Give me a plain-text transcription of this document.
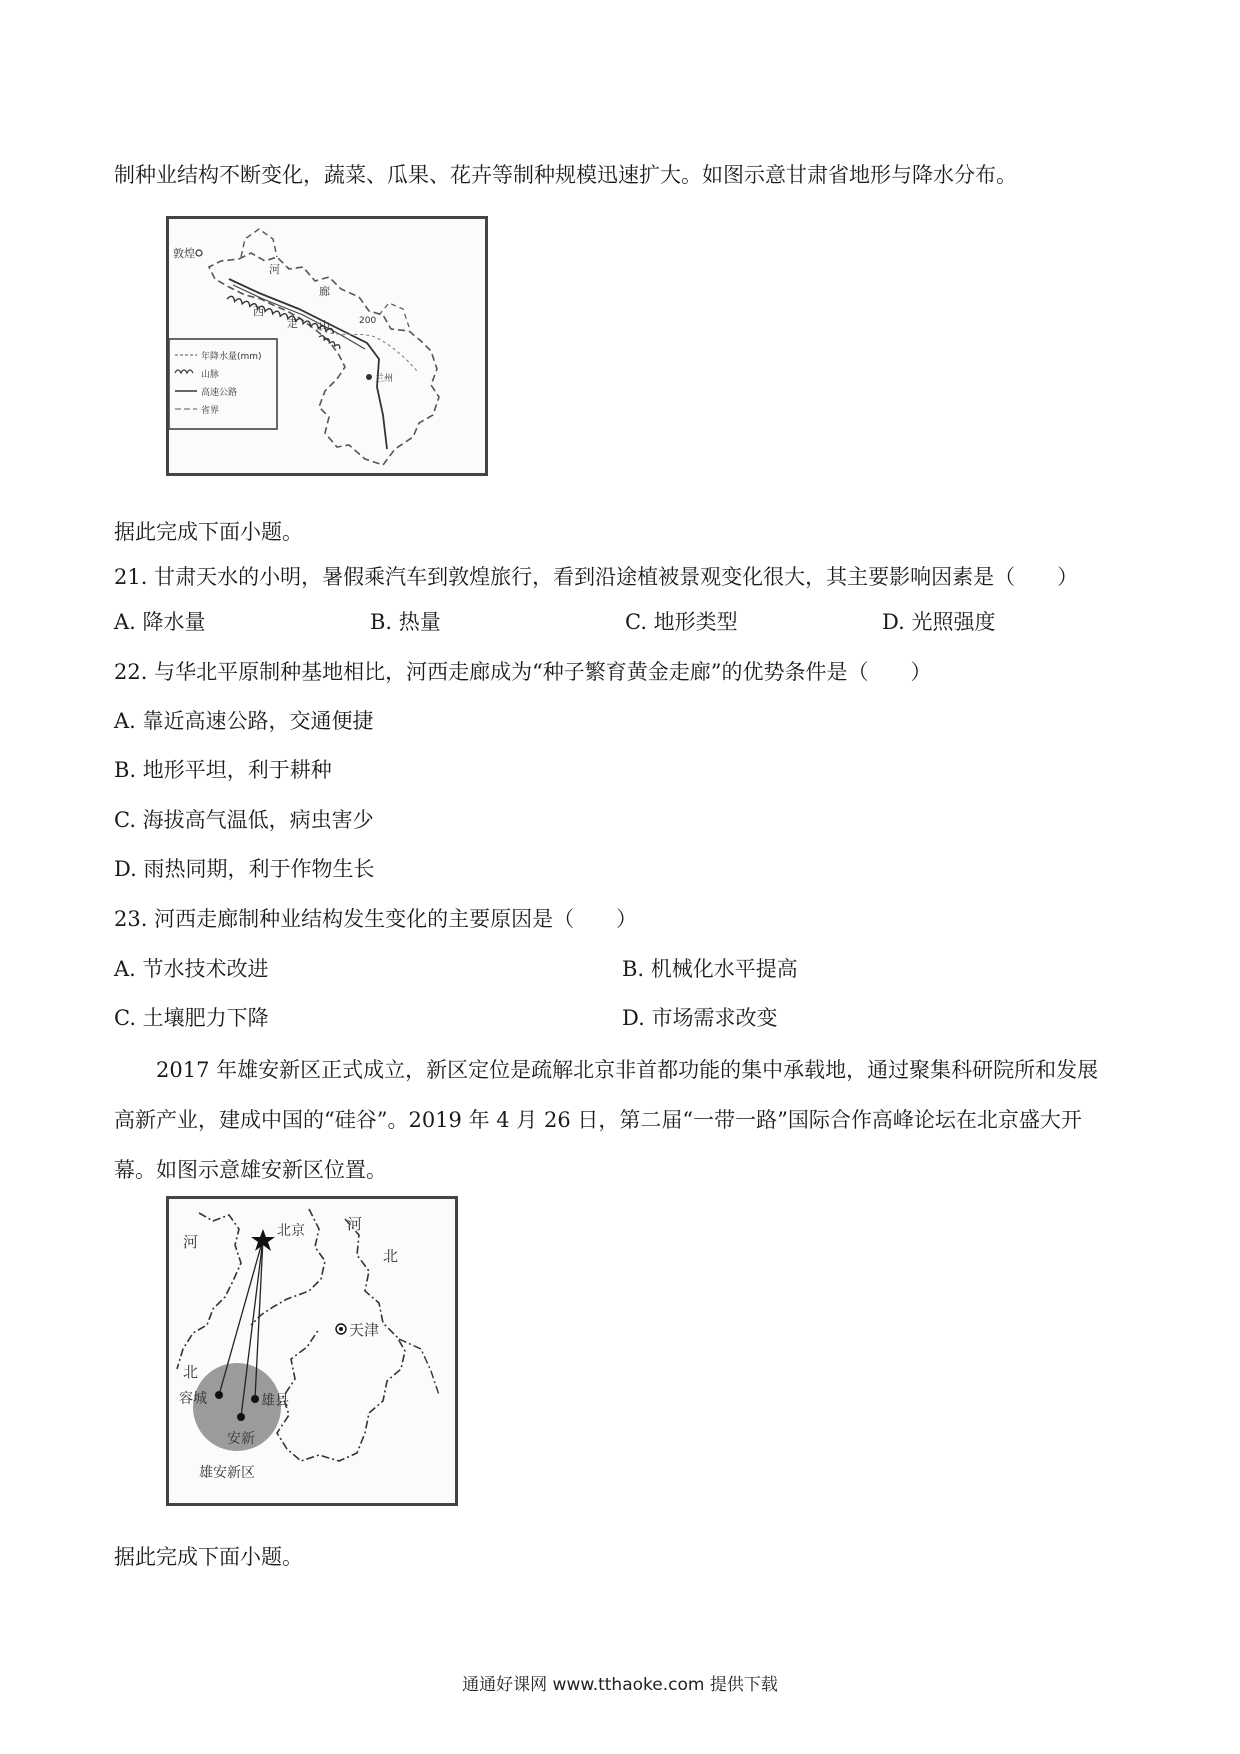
制种业结构不断变化，蔬菜、瓜果、花卉等制种规模迅速扩大。如图示意甘肃省地形与降水分布。
敦煌
河
西
走
廊
山	200
兰州
年降水量(mm)
山脉
高速公路
省界
据此完成下面小题。
21. 甘肃天水的小明，暑假乘汽车到敦煌旅行，看到沿途植被景观变化很大，其主要影响因素是（　　）
A. 降水量	B. 热量	C. 地形类型	D. 光照强度
22. 与华北平原制种基地相比，河西走廊成为“种子繁育黄金走廊”的优势条件是（　　）
A. 靠近高速公路，交通便捷
B. 地形平坦，利于耕种
C. 海拔高气温低，病虫害少
D. 雨热同期，利于作物生长
23. 河西走廊制种业结构发生变化的主要原因是（　　）
A. 节水技术改进	B. 机械化水平提高
C. 土壤肥力下降	D. 市场需求改变
2017 年雄安新区正式成立，新区定位是疏解北京非首都功能的集中承载地，通过聚集科研院所和发展
高新产业，建成中国的“硅谷”。2019 年 4 月 26 日，第二届“一带一路”国际合作高峰论坛在北京盛大开
幕。如图示意雄安新区位置。
河
北
北京	河
北
天津
容城	雄县
安新
雄安新区
据此完成下面小题。
通通好课网 www.tthaoke.com 提供下载
